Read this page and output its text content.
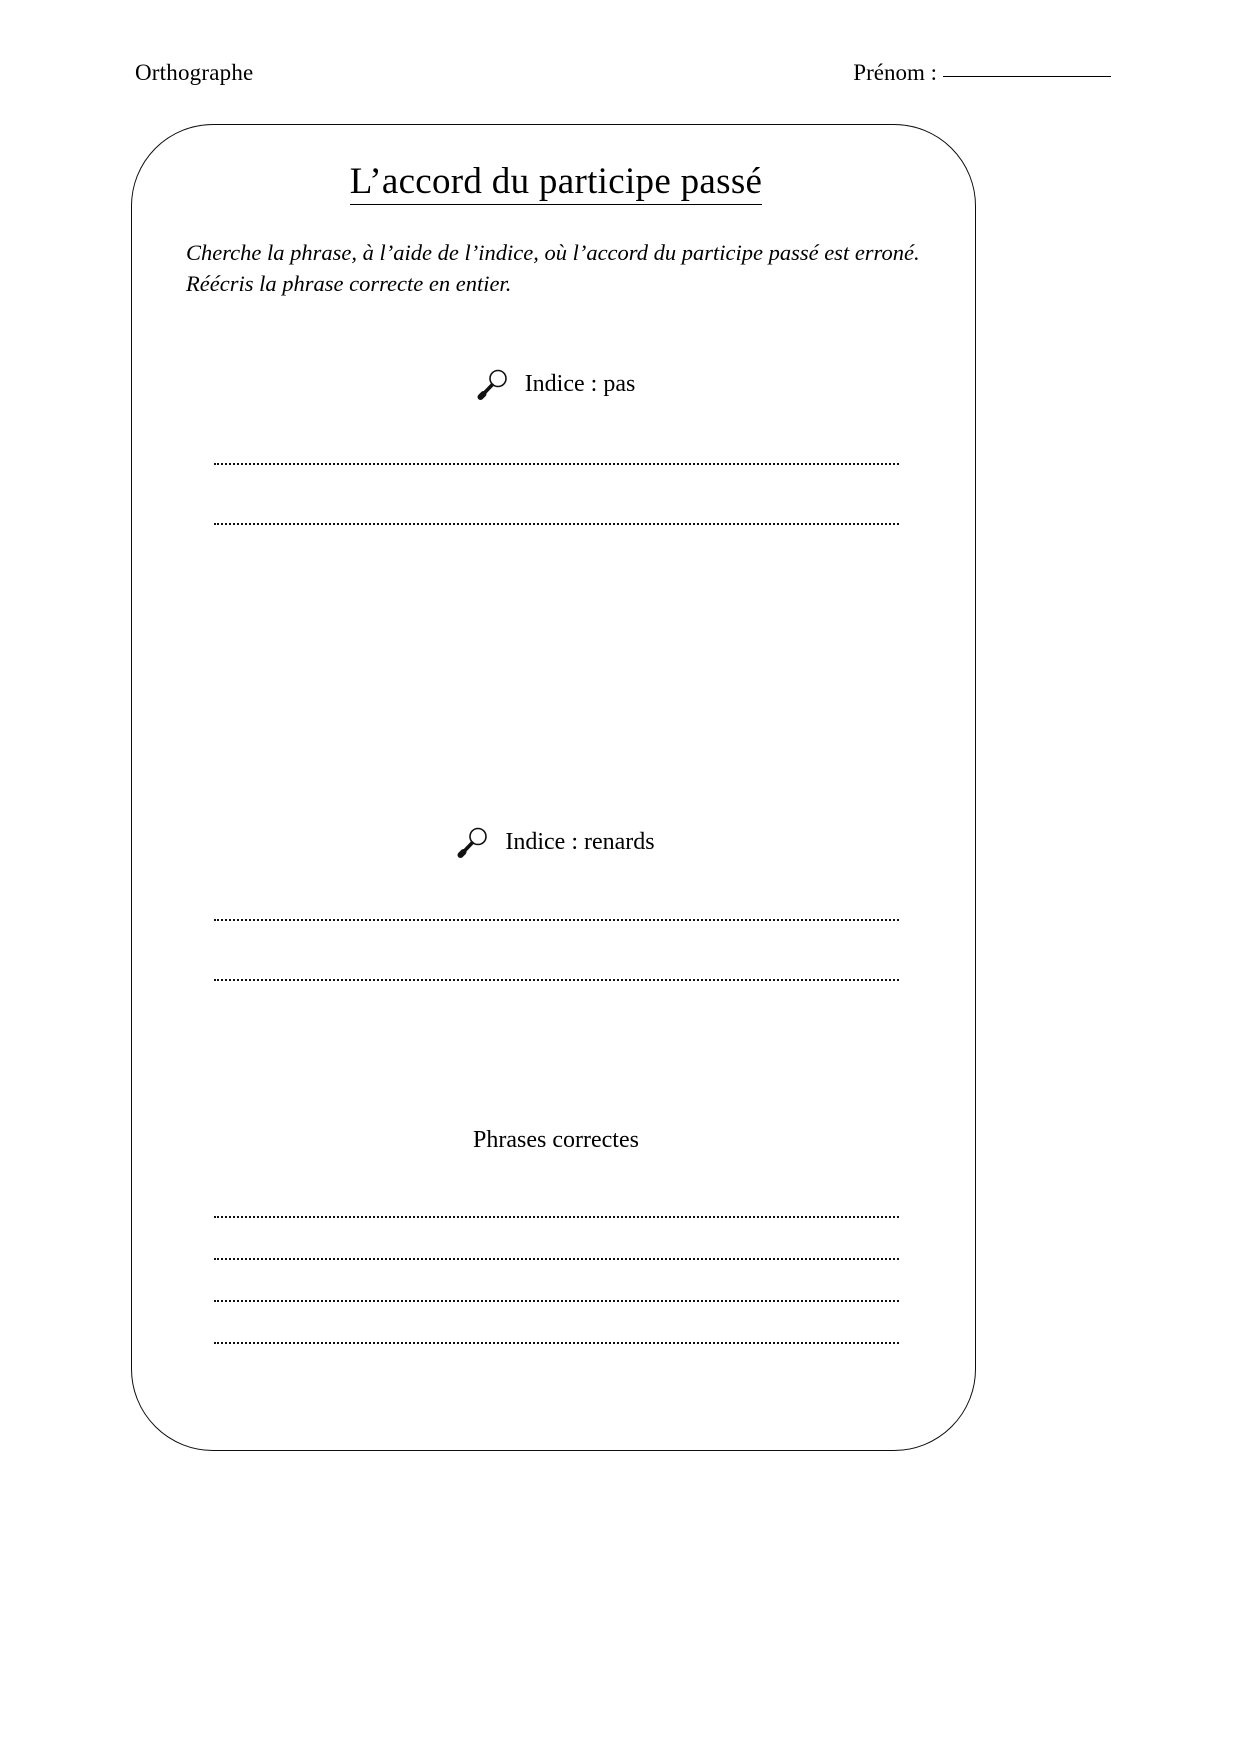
Orthographe	Prénom :
L’accord du participe passé

Cherche la phrase, à l’aide de l’indice, où l’accord du participe passé est erroné. Réécris la phrase correcte en entier.

Indice : pas
Indice : renards
Phrases correctes
